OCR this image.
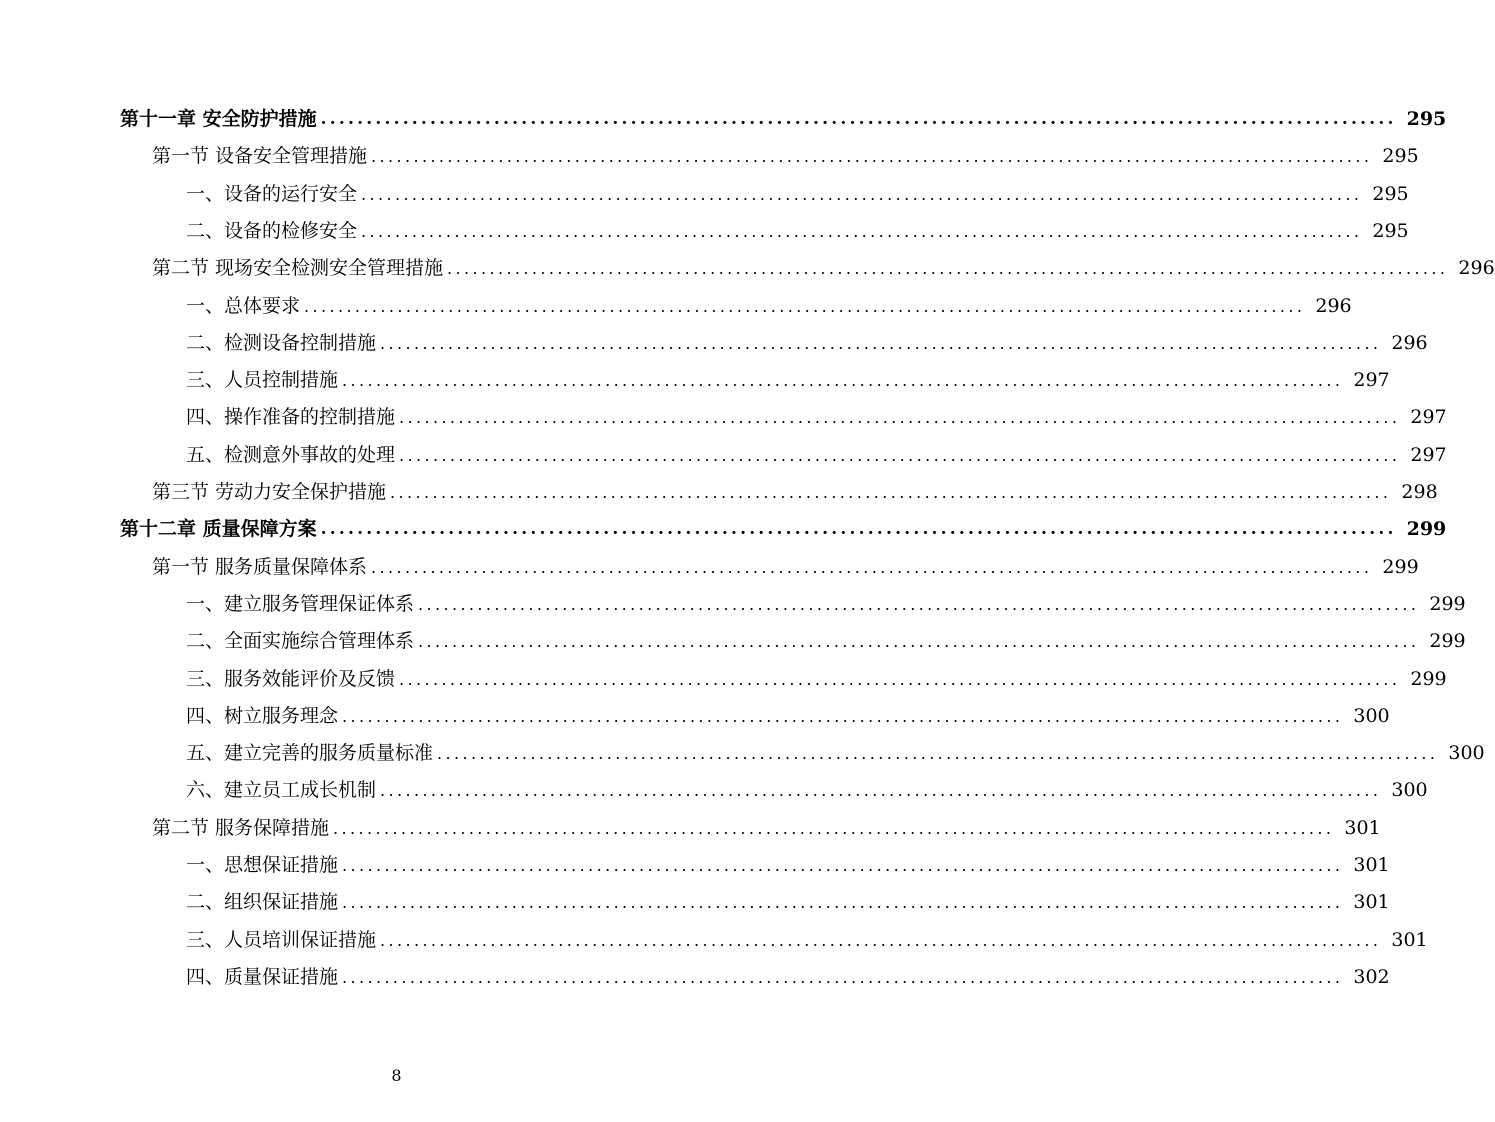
第十一章 安全防护措施 ...................................................................................................................... 295
第一节 设备安全管理措施 ...................................................................................................................... 295
一、设备的运行安全 ...................................................................................................................... 295
二、设备的检修安全 ...................................................................................................................... 295
第二节 现场安全检测安全管理措施 ...................................................................................................................... 296
一、总体要求 ...................................................................................................................... 296
二、检测设备控制措施 ...................................................................................................................... 296
三、人员控制措施 ...................................................................................................................... 297
四、操作准备的控制措施 ...................................................................................................................... 297
五、检测意外事故的处理 ...................................................................................................................... 297
第三节 劳动力安全保护措施 ...................................................................................................................... 298
第十二章 质量保障方案 ...................................................................................................................... 299
第一节 服务质量保障体系 ...................................................................................................................... 299
一、建立服务管理保证体系 ...................................................................................................................... 299
二、全面实施综合管理体系 ...................................................................................................................... 299
三、服务效能评价及反馈 ...................................................................................................................... 299
四、树立服务理念 ...................................................................................................................... 300
五、建立完善的服务质量标准 ...................................................................................................................... 300
六、建立员工成长机制 ...................................................................................................................... 300
第二节 服务保障措施 ...................................................................................................................... 301
一、思想保证措施 ...................................................................................................................... 301
二、组织保证措施 ...................................................................................................................... 301
三、人员培训保证措施 ...................................................................................................................... 301
四、质量保证措施 ...................................................................................................................... 302
8
